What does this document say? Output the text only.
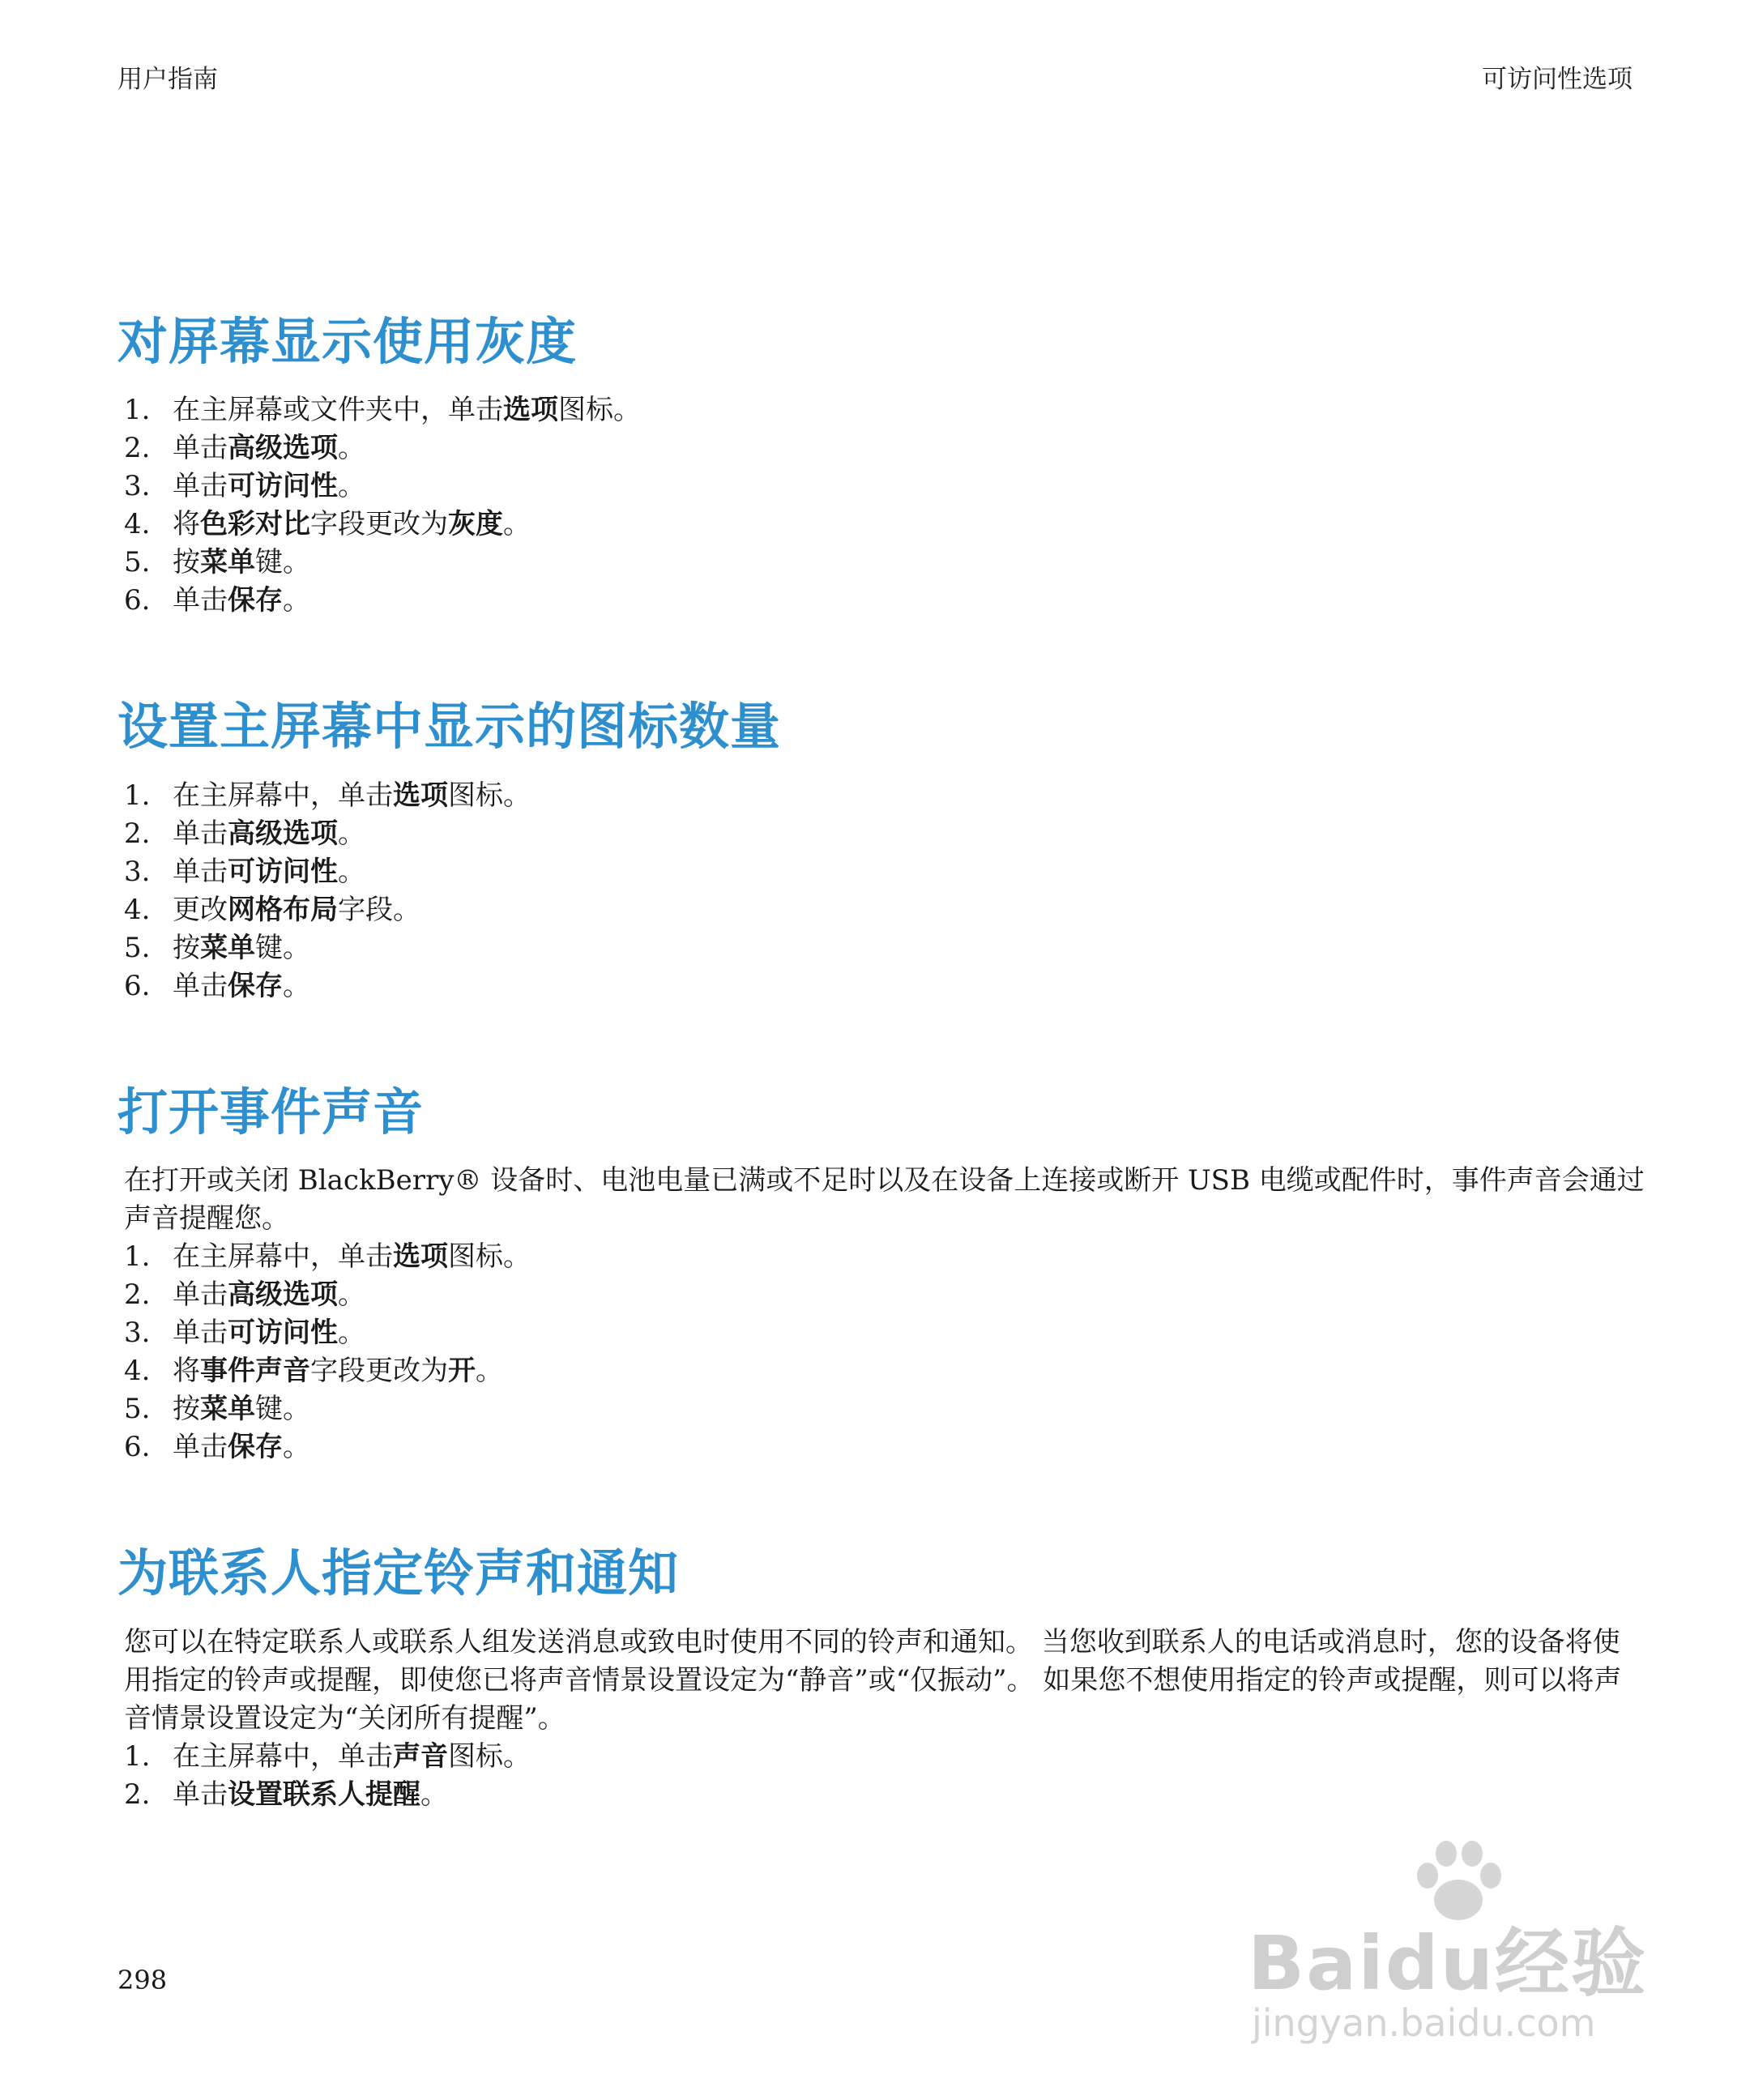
用户指南	可访问性选项
对屏幕显示使用灰度
1. 在主屏幕或文件夹中，单击选项图标。
2. 单击高级选项。
3. 单击可访问性。
4. 将色彩对比字段更改为灰度。
5. 按菜单键。
6. 单击保存。
设置主屏幕中显示的图标数量
1. 在主屏幕中，单击选项图标。
2. 单击高级选项。
3. 单击可访问性。
4. 更改网格布局字段。
5. 按菜单键。
6. 单击保存。
打开事件声音

在打开或关闭 BlackBerry® 设备时、电池电量已满或不足时以及在设备上连接或断开 USB 电缆或配件时，事件声音会通过声音提醒您。

1. 在主屏幕中，单击选项图标。
2. 单击高级选项。
3. 单击可访问性。
4. 将事件声音字段更改为开。
5. 按菜单键。
6. 单击保存。
为联系人指定铃声和通知

您可以在特定联系人或联系人组发送消息或致电时使用不同的铃声和通知。 当您收到联系人的电话或消息时，您的设备将使用指定的铃声或提醒，即使您已将声音情景设置设定为“静音”或“仅振动”。 如果您不想使用指定的铃声或提醒，则可以将声音情景设置设定为“关闭所有提醒”。

1. 在主屏幕中，单击声音图标。
2. 单击设置联系人提醒。
298	Baidu经验
jingyan.baidu.com
